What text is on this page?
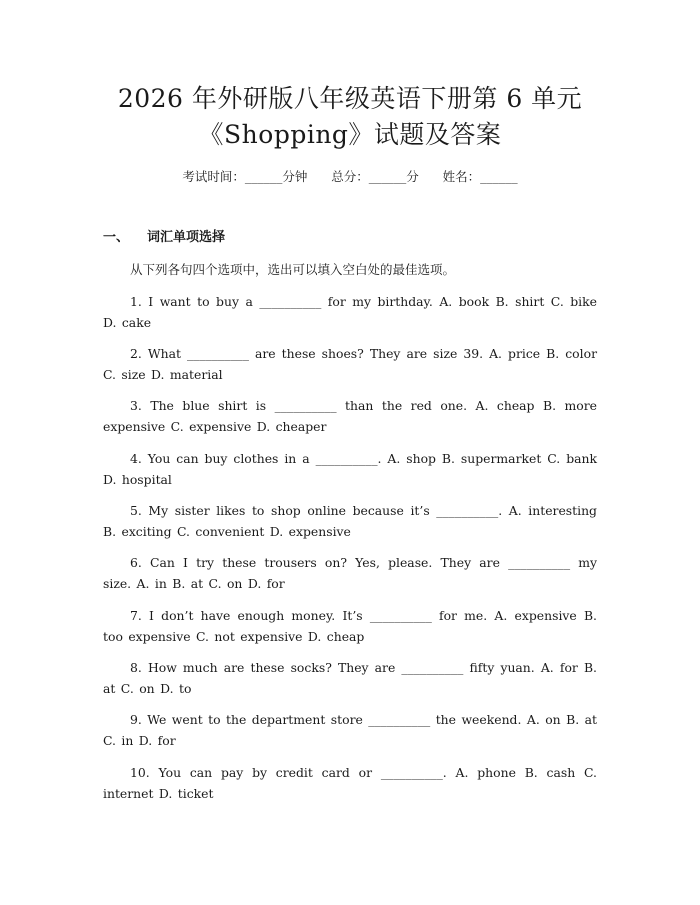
2026 年外研版八年级英语下册第 6 单元
《Shopping》试题及答案
考试时间：______分钟      总分：______分      姓名：______
一、 词汇单项选择
从下列各句四个选项中，选出可以填入空白处的最佳选项。
1. I want to buy a __________ for my birthday. A. book B. shirt C. bike D. cake
2. What __________ are these shoes? They are size 39. A. price B. color C. size D. material
3. The blue shirt is __________ than the red one. A. cheap B. more expensive C. expensive D. cheaper
4. You can buy clothes in a __________. A. shop B. supermarket C. bank D. hospital
5. My sister likes to shop online because it’s __________. A. interesting B. exciting C. convenient D. expensive
6. Can I try these trousers on? Yes, please. They are __________ my size. A. in B. at C. on D. for
7. I don’t have enough money. It’s __________ for me. A. expensive B. too expensive C. not expensive D. cheap
8. How much are these socks? They are __________ fifty yuan. A. for B. at C. on D. to
9. We went to the department store __________ the weekend. A. on B. at C. in D. for
10. You can pay by credit card or __________. A. phone B. cash C. internet D. ticket
